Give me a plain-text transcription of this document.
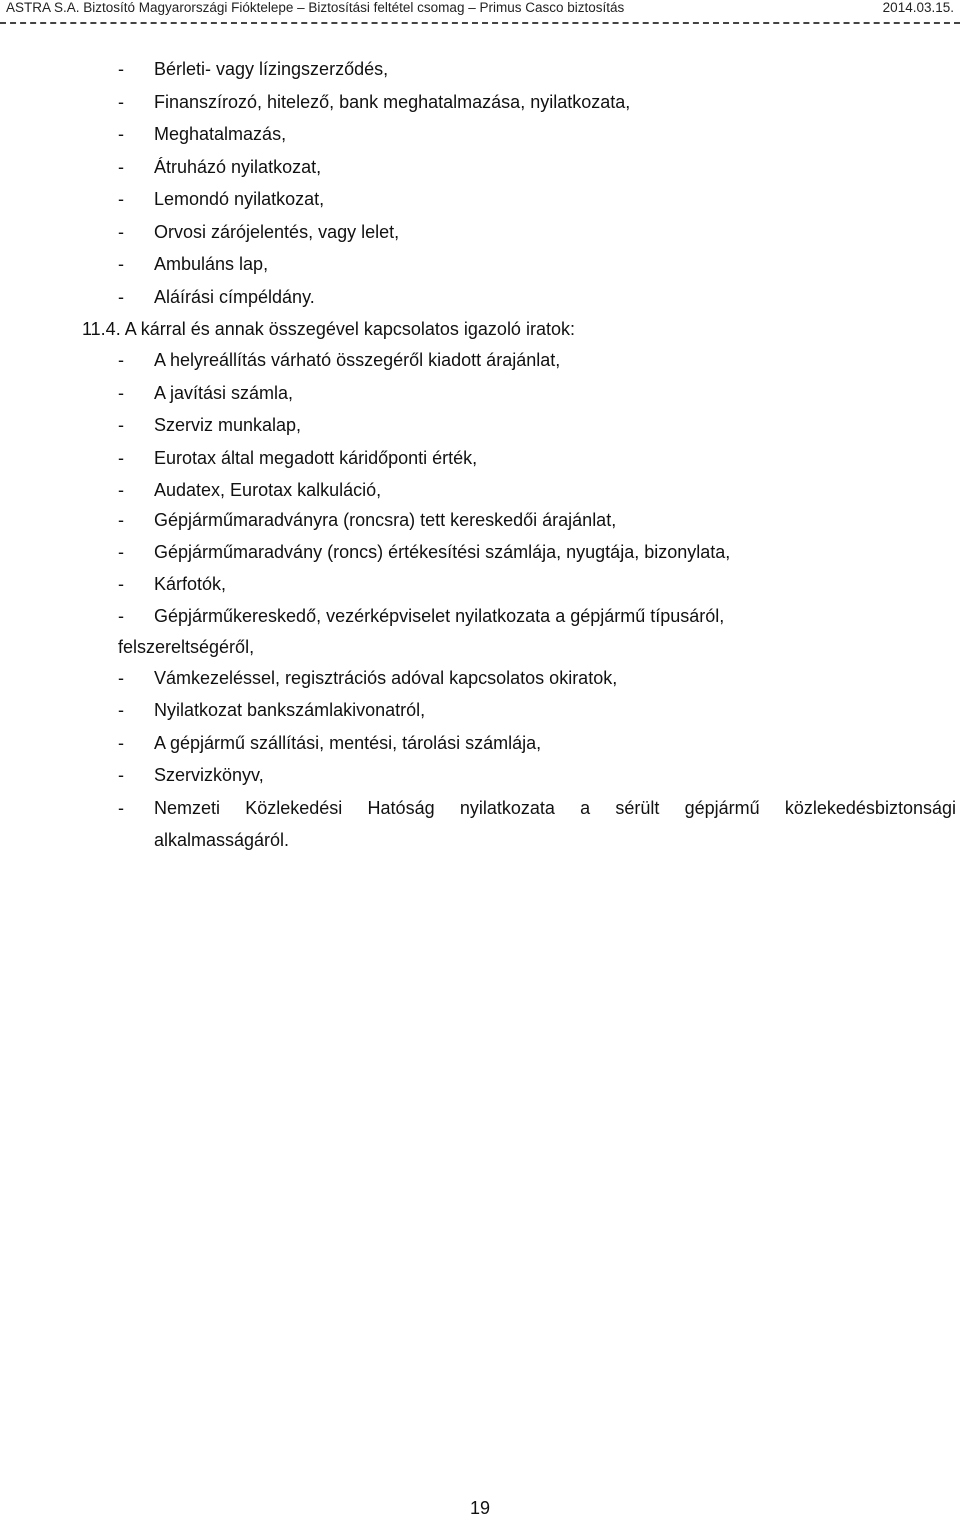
ASTRA S.A. Biztosító Magyarországi Fióktelepe – Biztosítási feltétel csomag – Primus Casco biztosítás	2014.03.15.
- Bérleti- vagy lízingszerződés,
- Finanszírozó, hitelező, bank meghatalmazása, nyilatkozata,
- Meghatalmazás,
- Átruházó nyilatkozat,
- Lemondó nyilatkozat,
- Orvosi zárójelentés, vagy lelet,
- Ambuláns lap,
- Aláírási címpéldány.
11.4. A kárral és annak összegével kapcsolatos igazoló iratok:
- A helyreállítás várható összegéről kiadott árajánlat,
- A javítási számla,
- Szerviz munkalap,
- Eurotax által megadott káridőponti érték,
- Audatex, Eurotax kalkuláció,
- Gépjárműmaradványra (roncsra) tett kereskedői árajánlat,
- Gépjárműmaradvány (roncs) értékesítési számlája, nyugtája, bizonylata,
- Kárfotók,
- Gépjárműkereskedő, vezérképviselet nyilatkozata a gépjármű típusáról,
felszereltségéről,
- Vámkezeléssel, regisztrációs adóval kapcsolatos okiratok,
- Nyilatkozat bankszámlakivonatról,
- A gépjármű szállítási, mentési, tárolási számlája,
- Szervizkönyv,
- Nemzeti Közlekedési Hatóság nyilatkozata a sérült gépjármű közlekedésbiztonsági
alkalmasságáról.
19
